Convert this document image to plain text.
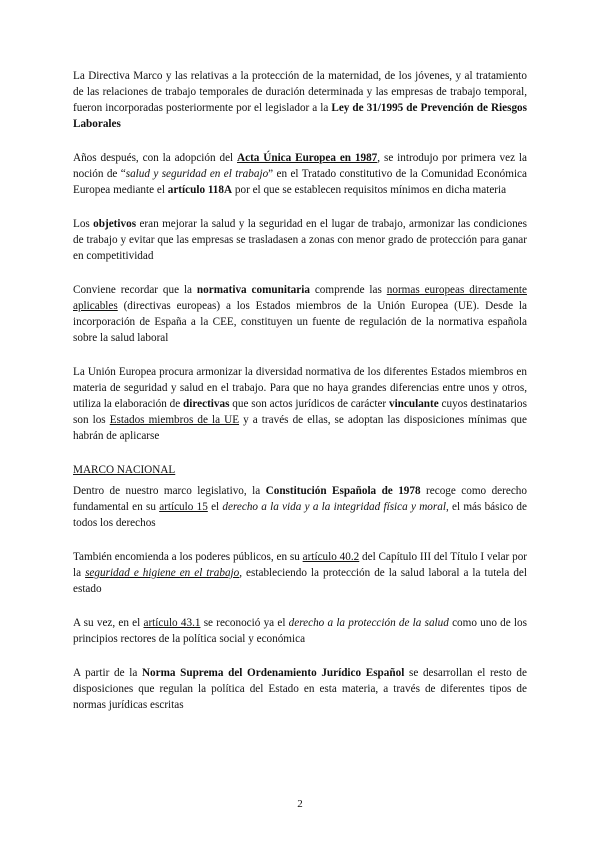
La Directiva Marco y las relativas a la protección de la maternidad, de los jóvenes, y al tratamiento de las relaciones de trabajo temporales de duración determinada y las empresas de trabajo temporal, fueron incorporadas posteriormente por el legislador a la Ley de 31/1995 de Prevención de Riesgos Laborales

Años después, con la adopción del Acta Única Europea en 1987, se introdujo por primera vez la noción de “salud y seguridad en el trabajo” en el Tratado constitutivo de la Comunidad Económica Europea mediante el artículo 118A por el que se establecen requisitos mínimos en dicha materia

Los objetivos eran mejorar la salud y la seguridad en el lugar de trabajo, armonizar las condiciones de trabajo y evitar que las empresas se trasladasen a zonas con menor grado de protección para ganar en competitividad

Conviene recordar que la normativa comunitaria comprende las normas europeas directamente aplicables (directivas europeas) a los Estados miembros de la Unión Europea (UE). Desde la incorporación de España a la CEE, constituyen un fuente de regulación de la normativa española sobre la salud laboral

La Unión Europea procura armonizar la diversidad normativa de los diferentes Estados miembros en materia de seguridad y salud en el trabajo. Para que no haya grandes diferencias entre unos y otros, utiliza la elaboración de directivas que son actos jurídicos de carácter vinculante cuyos destinatarios son los Estados miembros de la UE y a través de ellas, se adoptan las disposiciones mínimas que habrán de aplicarse

MARCO NACIONAL

Dentro de nuestro marco legislativo, la Constitución Española de 1978 recoge como derecho fundamental en su artículo 15 el derecho a la vida y a la integridad física y moral, el más básico de todos los derechos

También encomienda a los poderes públicos, en su artículo 40.2 del Capítulo III del Título I velar por la seguridad e higiene en el trabajo, estableciendo la protección de la salud laboral a la tutela del estado

A su vez, en el artículo 43.1 se reconoció ya el derecho a la protección de la salud como uno de los principios rectores de la política social y económica

A partir de la Norma Suprema del Ordenamiento Jurídico Español se desarrollan el resto de disposiciones que regulan la política del Estado en esta materia, a través de diferentes tipos de normas jurídicas escritas

2
